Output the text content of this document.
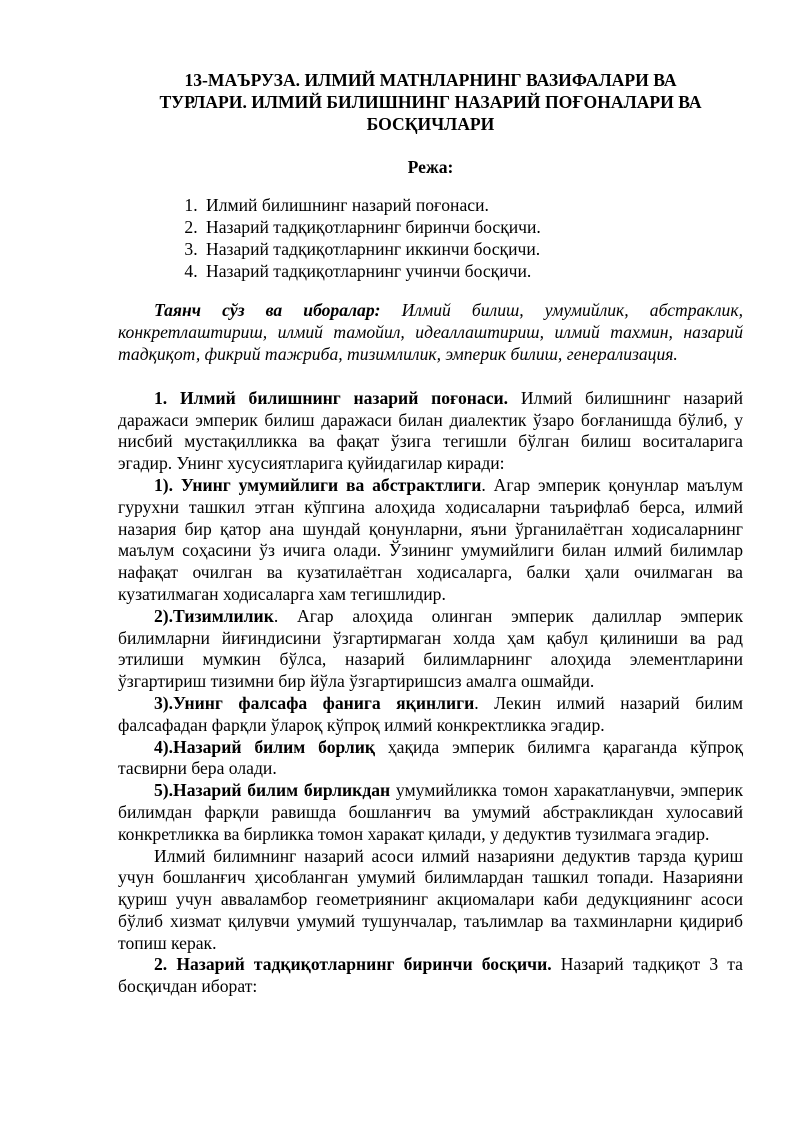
13-МАЪРУЗА. ИЛМИЙ МАТНЛАРНИНГ ВАЗИФАЛАРИ ВА ТУРЛАРИ. ИЛМИЙ БИЛИШНИНГ НАЗАРИЙ ПОҒОНАЛАРИ ВА БОСҚИЧЛАРИ
Режа:
1. Илмий билишнинг назарий поғонаси.
2. Назарий тадқиқотларнинг биринчи босқичи.
3. Назарий тадқиқотларнинг иккинчи босқичи.
4. Назарий тадқиқотларнинг учинчи босқичи.

Таянч сўз ва иборалар: Илмий билиш, умумийлик, абстраклик, конкретлаштириш, илмий тамойил, идеаллаштириш, илмий тахмин, назарий тадқиқот, фикрий тажриба, тизимлилик, эмперик билиш, генерализация.

1. Илмий билишнинг назарий поғонаси. Илмий билишнинг назарий даражаси эмперик билиш даражаси билан диалектик ўзаро боғланишда бўлиб, у нисбий мустақилликка ва фақат ўзига тегишли бўлган билиш воситаларига эгадир. Унинг хусусиятларига қуйидагилар киради:

1). Унинг умумийлиги ва абстрактлиги. Агар эмперик қонунлар маълум гурухни ташкил этган кўпгина алоҳида ходисаларни таърифлаб берса, илмий назария бир қатор ана шундай қонунларни, яъни ўрганилаётган ходисаларнинг маълум соҳасини ўз ичига олади. Ўзининг умумийлиги билан илмий билимлар нафақат очилган ва кузатилаётган ходисаларга, балки ҳали очилмаган ва кузатилмаган ходисаларга хам тегишлидир.

2).Тизимлилик. Агар алоҳида олинган эмперик далиллар эмперик билимларни йиғиндисини ўзгартирмаган холда ҳам қабул қилиниши ва рад этилиши мумкин бўлса, назарий билимларнинг алоҳида элементларини ўзгартириш тизимни бир йўла ўзгартиришсиз амалга ошмайди.

3).Унинг фалсафа фанига яқинлиги. Лекин илмий назарий билим фалсафадан фарқли ўлароқ кўпроқ илмий конкректликка эгадир.

4).Назарий билим борлиқ ҳақида эмперик билимга қараганда кўпроқ тасвирни бера олади.

5).Назарий билим бирликдан умумийликка томон харакатланувчи, эмперик билимдан фарқли равишда бошланғич ва умумий абстракликдан хулосавий конкретликка ва бирликка томон харакат қилади, у дедуктив тузилмага эгадир.

Илмий билимнинг назарий асоси илмий назарияни дедуктив тарзда қуриш учун бошланғич ҳисобланган умумий билимлардан ташкил топади. Назарияни қуриш учун авваламбор геометриянинг акциомалари каби дедукциянинг асоси бўлиб хизмат қилувчи умумий тушунчалар, таълимлар ва тахминларни қидириб топиш керак.

2. Назарий тадқиқотларнинг биринчи босқичи. Назарий тадқиқот 3 та босқичдан иборат:
